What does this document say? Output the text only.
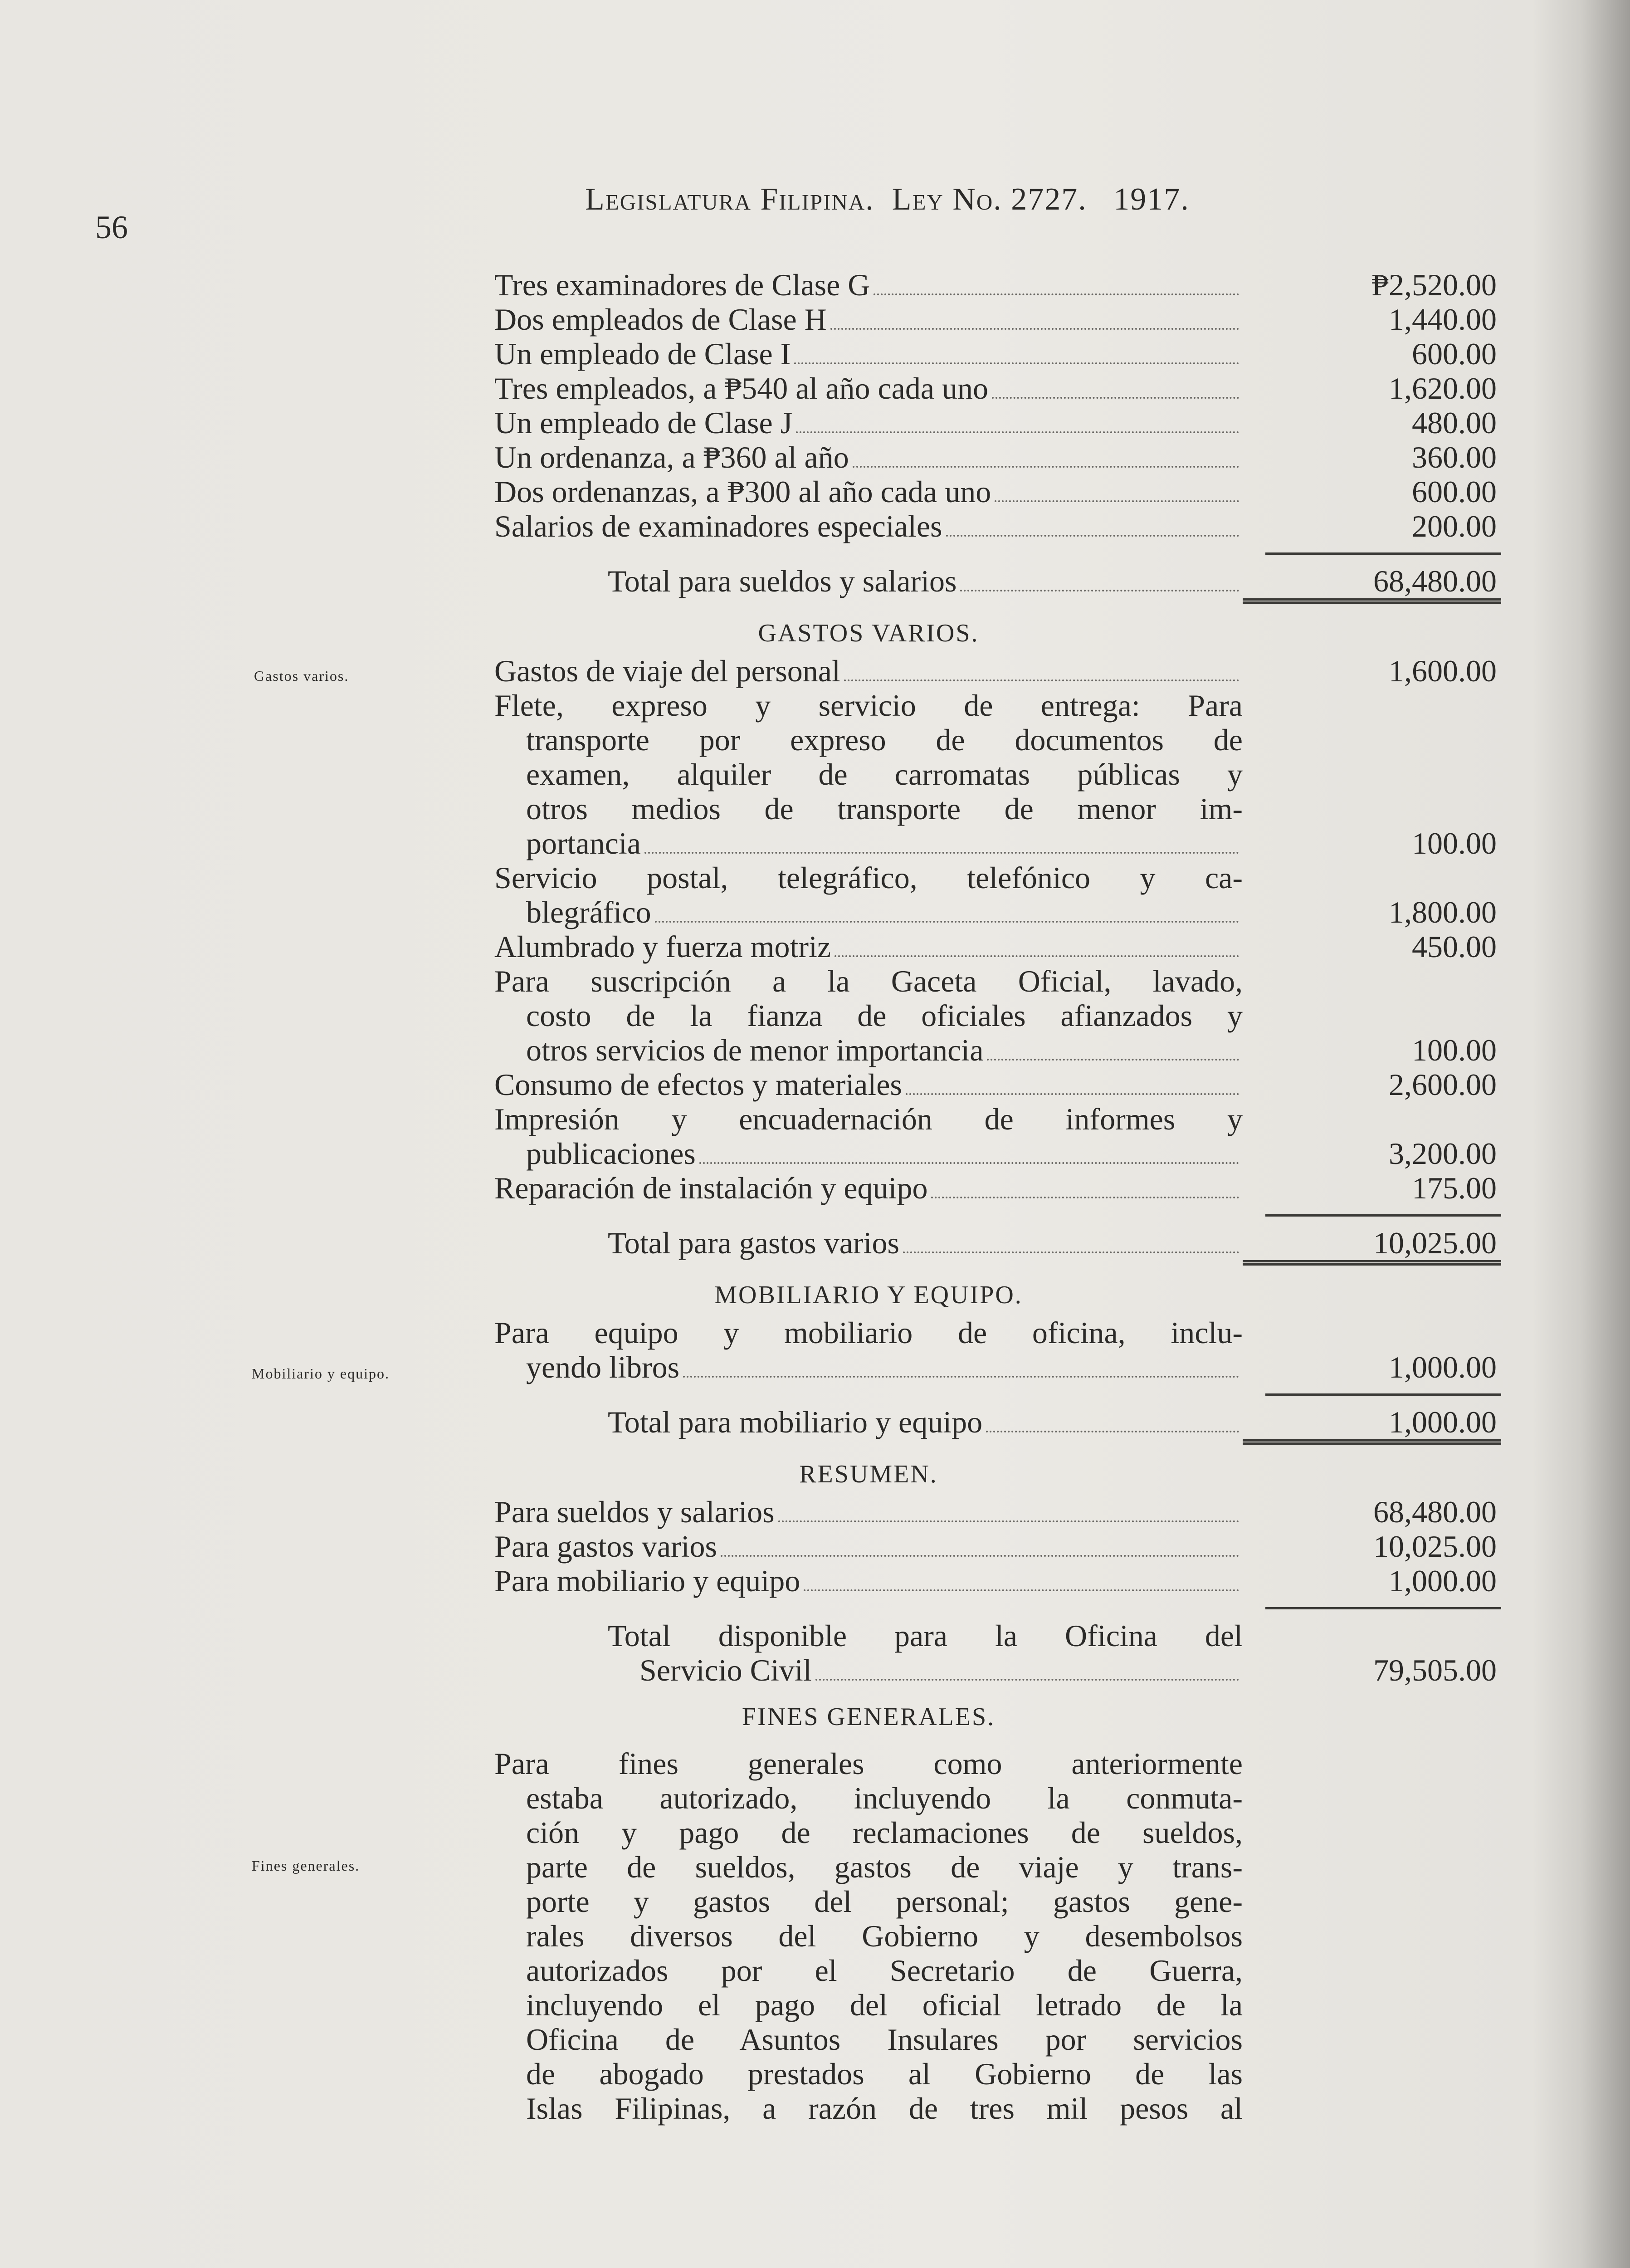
56
Legislatura Filipina. Ley No. 2727. 1917.
Gastos varios.
Mobiliario y equipo.
Fines generales.
Tres examinadores de Clase G	₱2,520.00
Dos empleados de Clase H	1,440.00
Un empleado de Clase I	600.00
Tres empleados, a ₱540 al año cada uno	1,620.00
Un empleado de Clase J	480.00
Un ordenanza, a ₱360 al año	360.00
Dos ordenanzas, a ₱300 al año cada uno	600.00
Salarios de examinadores especiales	200.00
Total para sueldos y salarios	68,480.00
GASTOS VARIOS.
Gastos de viaje del personal	1,600.00
Flete, expreso y servicio de entrega: Para
transporte por expreso de documentos de
examen, alquiler de carromatas públicas y
otros medios de transporte de menor im-
portancia	100.00
Servicio postal, telegráfico, telefónico y ca-
blegráfico	1,800.00
Alumbrado y fuerza motriz	450.00
Para suscripción a la Gaceta Oficial, lavado,
costo de la fianza de oficiales afianzados y
otros servicios de menor importancia	100.00
Consumo de efectos y materiales	2,600.00
Impresión y encuadernación de informes y
publicaciones	3,200.00
Reparación de instalación y equipo	175.00
Total para gastos varios	10,025.00
MOBILIARIO Y EQUIPO.
Para equipo y mobiliario de oficina, inclu-
yendo libros	1,000.00
Total para mobiliario y equipo	1,000.00
RESUMEN.
Para sueldos y salarios	68,480.00
Para gastos varios	10,025.00
Para mobiliario y equipo	1,000.00
Total disponible para la Oficina del
Servicio Civil	79,505.00
FINES GENERALES.
Para fines generales como anteriormente
estaba autorizado, incluyendo la conmuta-
ción y pago de reclamaciones de sueldos,
parte de sueldos, gastos de viaje y trans-
porte y gastos del personal; gastos gene-
rales diversos del Gobierno y desembolsos
autorizados por el Secretario de Guerra,
incluyendo el pago del oficial letrado de la
Oficina de Asuntos Insulares por servicios
de abogado prestados al Gobierno de las
Islas Filipinas, a razón de tres mil pesos al
